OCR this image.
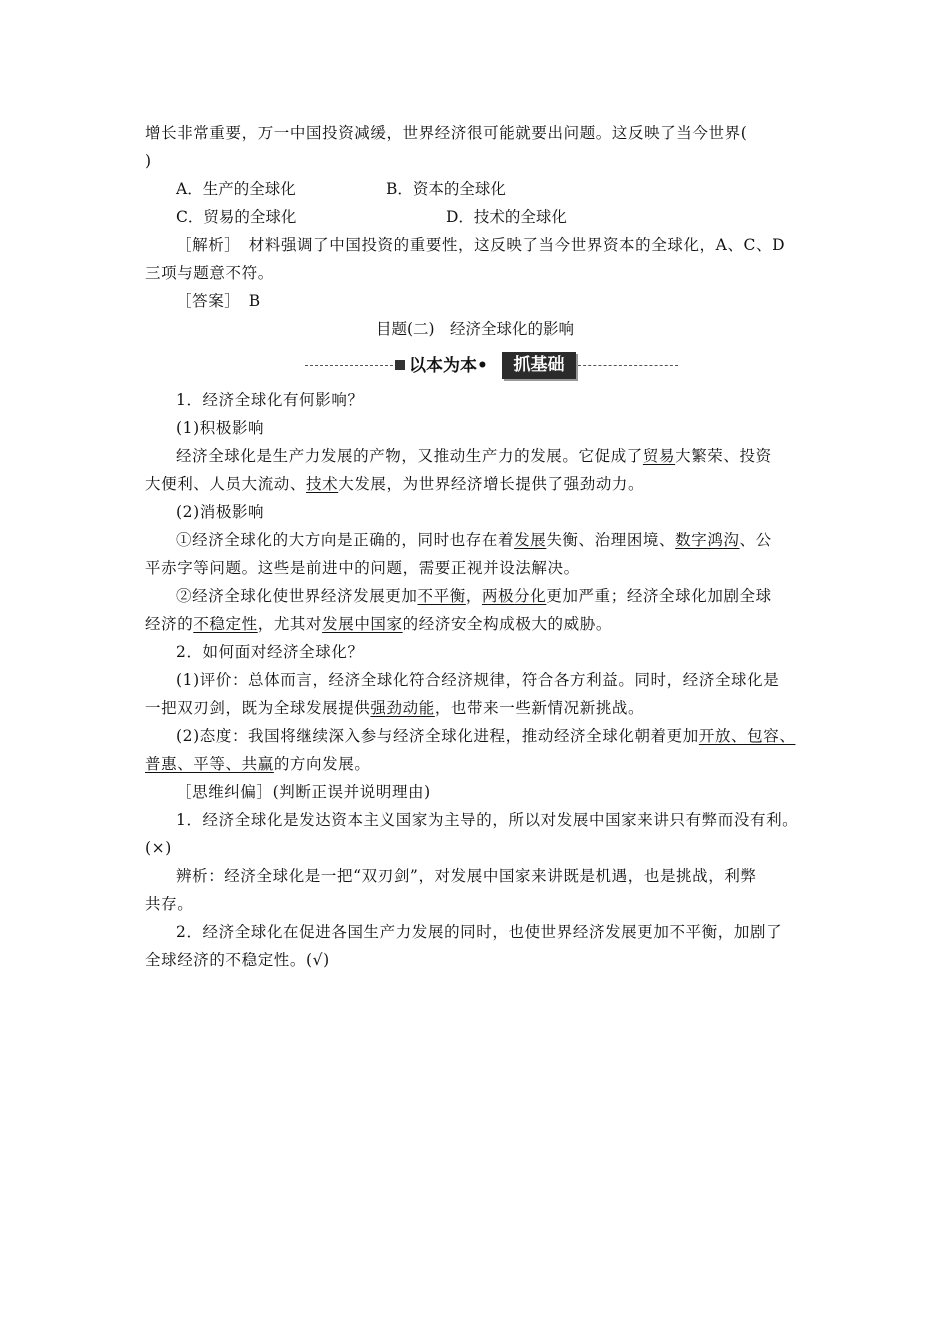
增长非常重要，万一中国投资减缓，世界经济很可能就要出问题。这反映了当今世界(
)
A．生产的全球化	B．资本的全球化
C．贸易的全球化	D．技术的全球化
［解析］　材料强调了中国投资的重要性，这反映了当今世界资本的全球化，A、C、D
三项与题意不符。
［答案］　B
目题(二)　经济全球化的影响
以本为本•	抓基础
1．经济全球化有何影响？
(1)积极影响
经济全球化是生产力发展的产物，又推动生产力的发展。它促成了贸易大繁荣、投资
大便利、人员大流动、技术大发展，为世界经济增长提供了强劲动力。
(2)消极影响
①经济全球化的大方向是正确的，同时也存在着发展失衡、治理困境、数字鸿沟、公
平赤字等问题。这些是前进中的问题，需要正视并设法解决。
②经济全球化使世界经济发展更加不平衡，两极分化更加严重；经济全球化加剧全球
经济的不稳定性，尤其对发展中国家的经济安全构成极大的威胁。
2．如何面对经济全球化？
(1)评价：总体而言，经济全球化符合经济规律，符合各方利益。同时，经济全球化是
一把双刃剑，既为全球发展提供强劲动能，也带来一些新情况新挑战。
(2)态度：我国将继续深入参与经济全球化进程，推动经济全球化朝着更加开放、包容、
普惠、平等、共赢的方向发展。
［思维纠偏］(判断正误并说明理由)
1．经济全球化是发达资本主义国家为主导的，所以对发展中国家来讲只有弊而没有利。
(×)
辨析：经济全球化是一把“双刃剑”，对发展中国家来讲既是机遇，也是挑战，利弊
共存。
2．经济全球化在促进各国生产力发展的同时，也使世界经济发展更加不平衡，加剧了
全球经济的不稳定性。(√)
